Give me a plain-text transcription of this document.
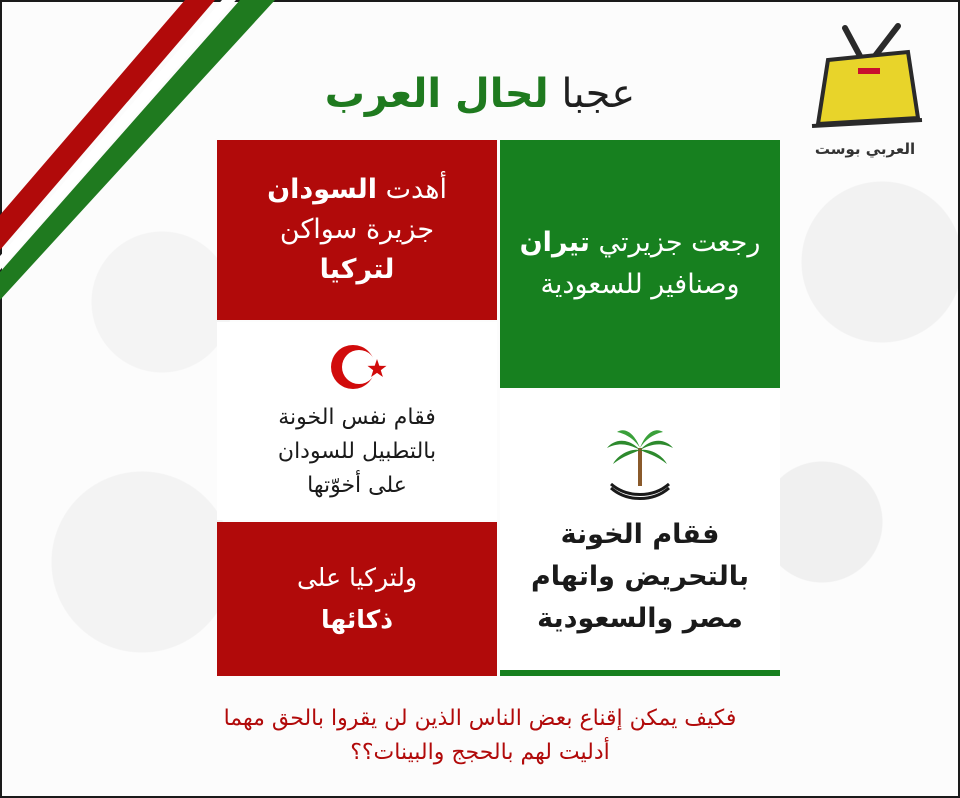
العربي بوست
عجبا لحال العرب
أهدت السودان
جزيرة سواكن
لتركيا
رجعت جزيرتي تيران
وصنافير للسعودية
فقام نفس الخونة
بالتطبيل للسودان
على أخوّتها
ولتركيا على
ذكائها
فقام الخونة
بالتحريض واتهام
مصر والسعودية
فكيف يمكن إقناع بعض الناس الذين لن يقروا بالحق مهما
أدليت لهم بالحجج والبينات؟؟
